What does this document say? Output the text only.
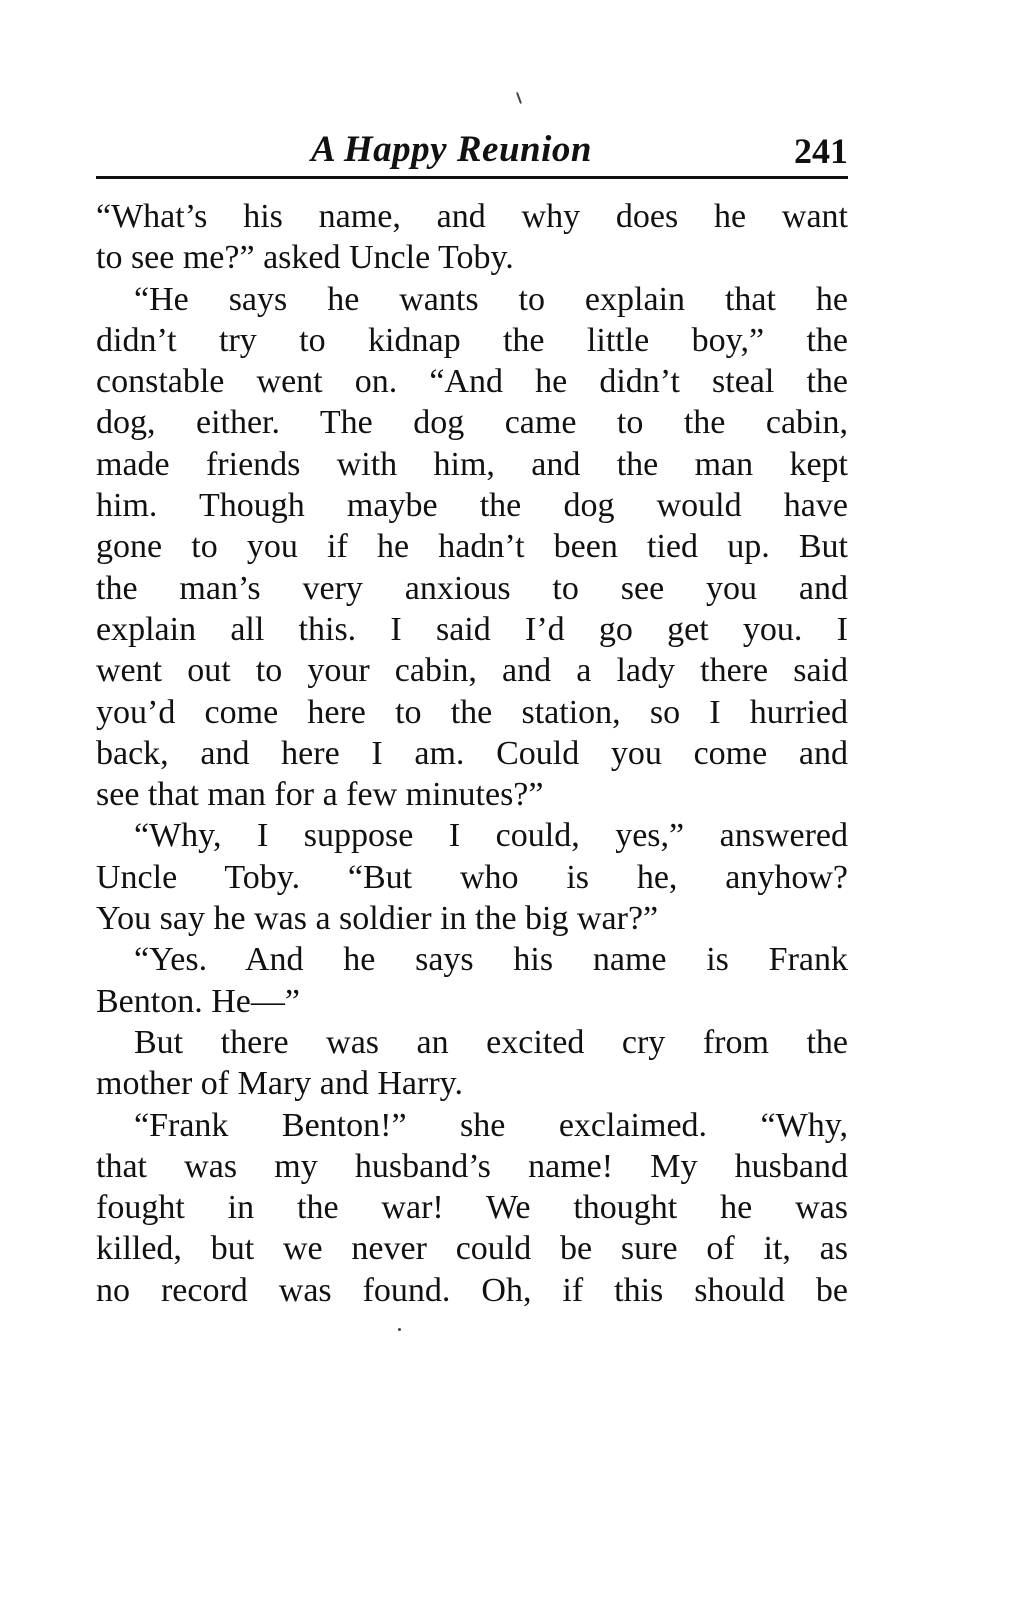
A Happy Reunion	241
“What’s his name, and why does he want
to see me?” asked Uncle Toby.
“He says he wants to explain that he
didn’t try to kidnap the little boy,” the
constable went on. “And he didn’t steal the
dog, either. The dog came to the cabin,
made friends with him, and the man kept
him. Though maybe the dog would have
gone to you if he hadn’t been tied up. But
the man’s very anxious to see you and
explain all this. I said I’d go get you. I
went out to your cabin, and a lady there said
you’d come here to the station, so I hurried
back, and here I am. Could you come and
see that man for a few minutes?”
“Why, I suppose I could, yes,” answered
Uncle Toby. “But who is he, anyhow?
You say he was a soldier in the big war?”
“Yes. And he says his name is Frank
Benton. He—”
But there was an excited cry from the
mother of Mary and Harry.
“Frank Benton!” she exclaimed. “Why,
that was my husband’s name! My husband
fought in the war! We thought he was
killed, but we never could be sure of it, as
no record was found. Oh, if this should be
